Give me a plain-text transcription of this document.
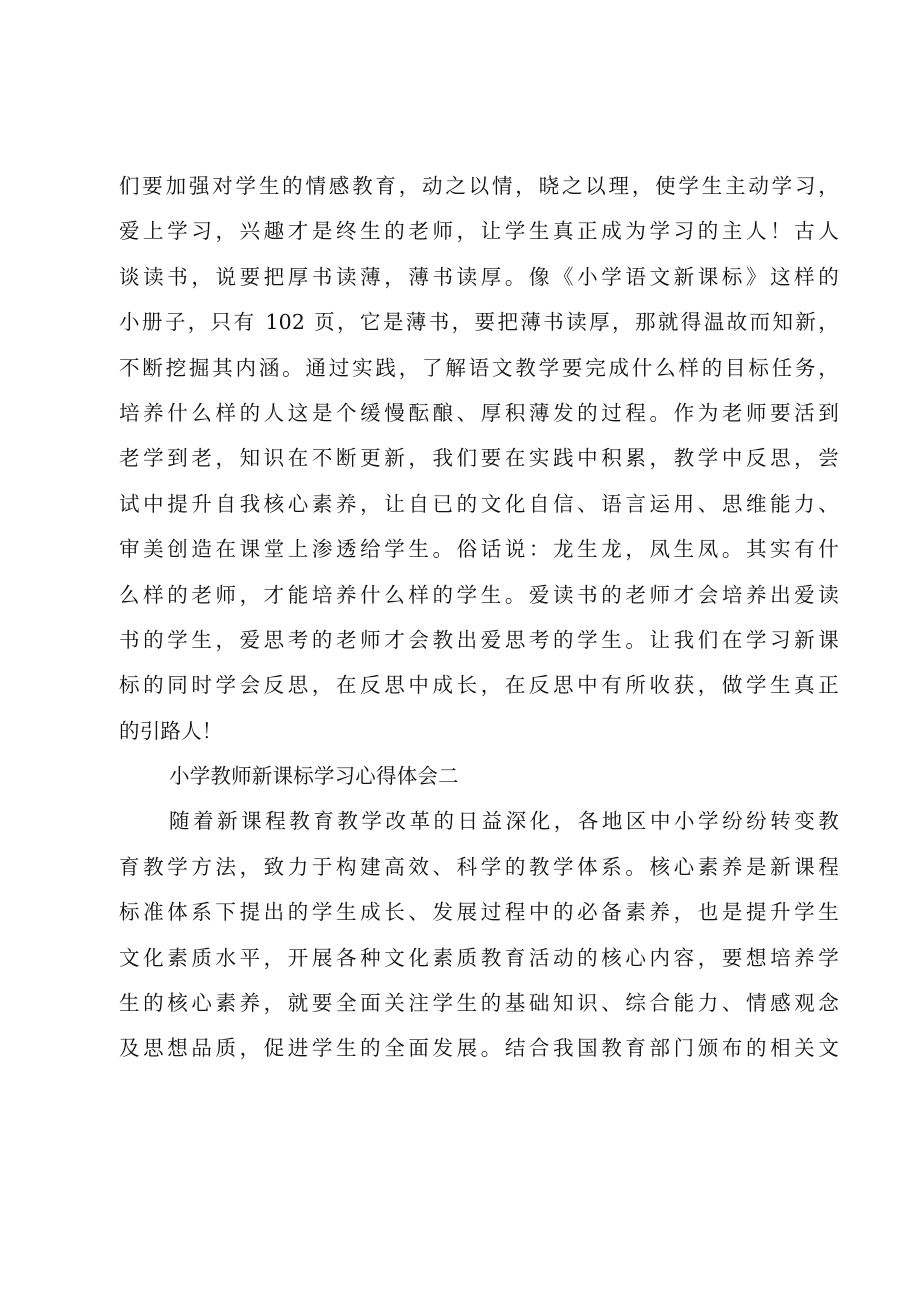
们要加强对学生的情感教育，动之以情，晓之以理，使学生主动学习，
爱上学习，兴趣才是终生的老师，让学生真正成为学习的主人！古人
谈读书，说要把厚书读薄，薄书读厚。像《小学语文新课标》这样的
小册子，只有 102 页，它是薄书，要把薄书读厚，那就得温故而知新，
不断挖掘其内涵。通过实践，了解语文教学要完成什么样的目标任务，
培养什么样的人这是个缓慢酝酿、厚积薄发的过程。作为老师要活到
老学到老，知识在不断更新，我们要在实践中积累，教学中反思，尝
试中提升自我核心素养，让自已的文化自信、语言运用、思维能力、
审美创造在课堂上渗透给学生。俗话说：龙生龙，凤生凤。其实有什
么样的老师，才能培养什么样的学生。爱读书的老师才会培养出爱读
书的学生，爱思考的老师才会教出爱思考的学生。让我们在学习新课
标的同时学会反思，在反思中成长，在反思中有所收获，做学生真正
的引路人！
小学教师新课标学习心得体会二
随着新课程教育教学改革的日益深化，各地区中小学纷纷转变教
育教学方法，致力于构建高效、科学的教学体系。核心素养是新课程
标准体系下提出的学生成长、发展过程中的必备素养，也是提升学生
文化素质水平，开展各种文化素质教育活动的核心内容，要想培养学
生的核心素养，就要全面关注学生的基础知识、综合能力、情感观念
及思想品质，促进学生的全面发展。结合我国教育部门颁布的相关文
